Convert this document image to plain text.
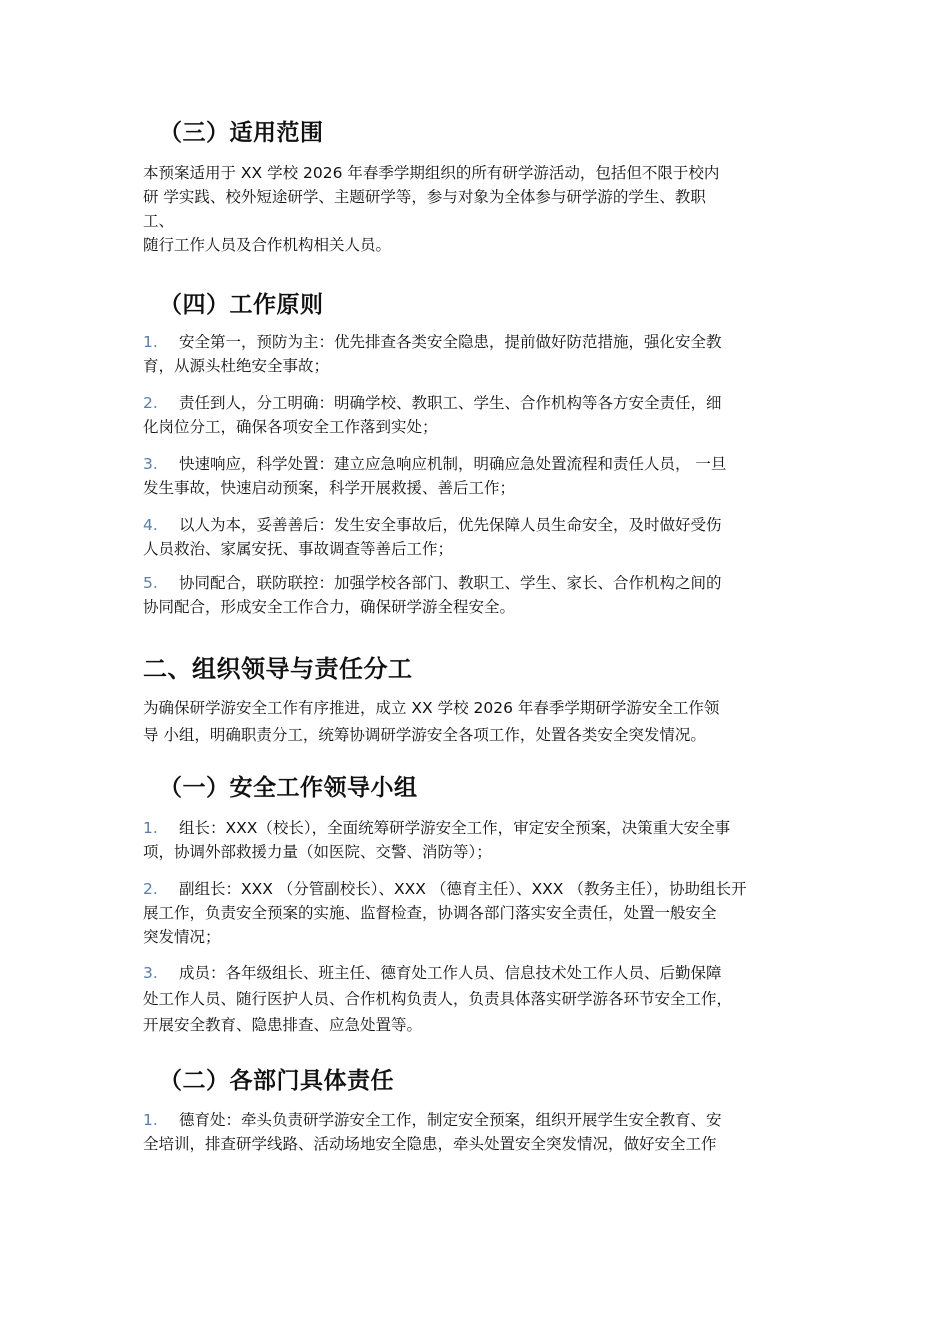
（三）适用范围

本预案适用于 XX 学校 2026 年春季学期组织的所有研学游活动，包括但不限于校内
研 学实践、校外短途研学、主题研学等，参与对象为全体参与研学游的学生、教职
工、
随行工作人员及合作机构相关人员。

（四）工作原则

1. 安全第一，预防为主：优先排查各类安全隐患，提前做好防范措施，强化安全教
育，从源头杜绝安全事故；

2. 责任到人，分工明确：明确学校、教职工、学生、合作机构等各方安全责任，细
化岗位分工，确保各项安全工作落到实处；

3. 快速响应，科学处置：建立应急响应机制，明确应急处置流程和责任人员， 一旦
发生事故，快速启动预案，科学开展救援、善后工作；

4. 以人为本，妥善善后：发生安全事故后，优先保障人员生命安全，及时做好受伤
人员救治、家属安抚、事故调查等善后工作；

5. 协同配合，联防联控：加强学校各部门、教职工、学生、家长、合作机构之间的
协同配合，形成安全工作合力，确保研学游全程安全。

二、组织领导与责任分工

为确保研学游安全工作有序推进，成立 XX 学校 2026 年春季学期研学游安全工作领
导 小组，明确职责分工，统筹协调研学游安全各项工作，处置各类安全突发情况。

（一）安全工作领导小组

1. 组长：XXX（校长），全面统筹研学游安全工作，审定安全预案，决策重大安全事
项，协调外部救援力量（如医院、交警、消防等）；

2. 副组长：XXX （分管副校长）、XXX （德育主任）、XXX （教务主任），协助组长开
展工作，负责安全预案的实施、监督检查，协调各部门落实安全责任，处置一般安全
突发情况；

3. 成员：各年级组长、班主任、德育处工作人员、信息技术处工作人员、后勤保障
处工作人员、随行医护人员、合作机构负责人，负责具体落实研学游各环节安全工作，
开展安全教育、隐患排查、应急处置等。

（二）各部门具体责任

1. 德育处：牵头负责研学游安全工作，制定安全预案，组织开展学生安全教育、安
全培训，排查研学线路、活动场地安全隐患，牵头处置安全突发情况，做好安全工作
